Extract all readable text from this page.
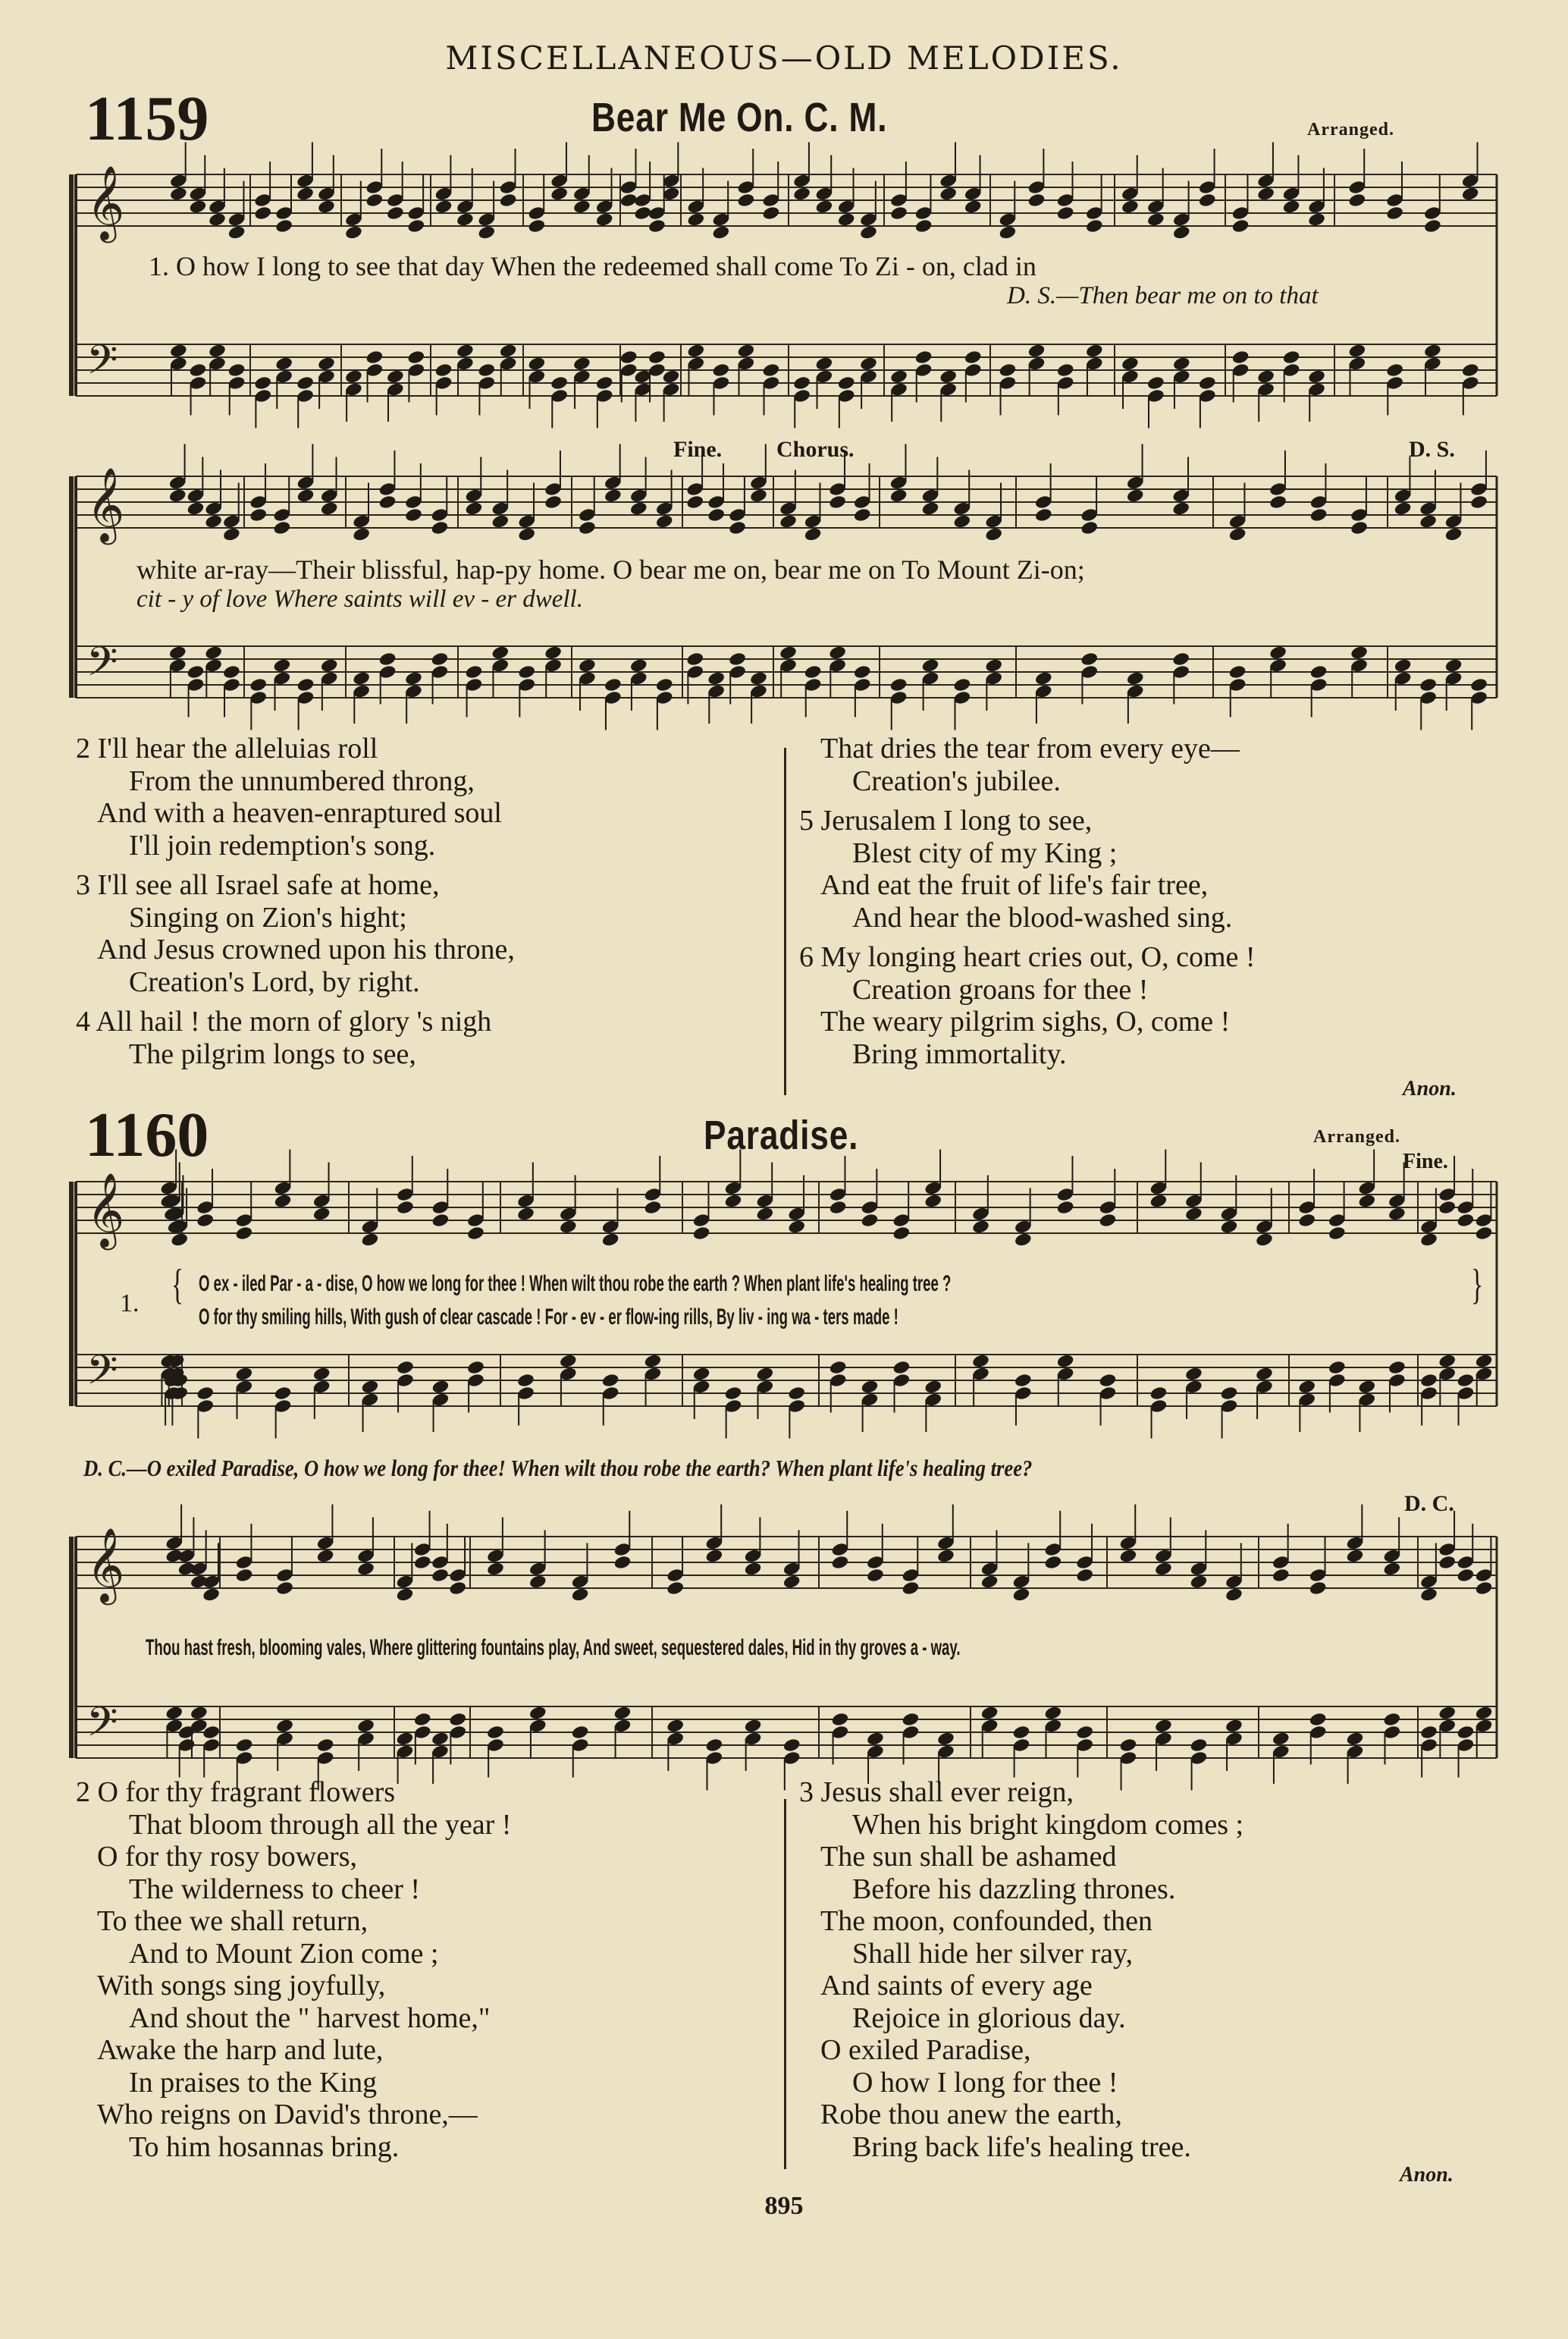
𝄞
𝄢
𝄞
𝄢
𝄞
𝄢
𝄞
𝄢
MISCELLANEOUS—OLD MELODIES.
1159	Bear Me On. C. M.	Arranged.
1. O how I long to see that day When the redeemed shall come To Zi - on, clad in
D. S.—Then bear me on to that
Fine. Chorus.	D. S.
white ar-ray—Their blissful, hap-py home. O bear me on, bear me on To Mount Zi-on;
cit - y of love Where saints will ev - er dwell.
2 I'll hear the alleluias roll
From the unnumbered throng,
And with a heaven-enraptured soul
I'll join redemption's song.
3 I'll see all Israel safe at home,
Singing on Zion's hight;
And Jesus crowned upon his throne,
Creation's Lord, by right.
4 All hail ! the morn of glory 's nigh
The pilgrim longs to see,
That dries the tear from every eye—
Creation's jubilee.
5 Jerusalem I long to see,
Blest city of my King ;
And eat the fruit of life's fair tree,
And hear the blood-washed sing.
6 My longing heart cries out, O, come !
Creation groans for thee !
The weary pilgrim sighs, O, come !
Bring immortality.
Anon.
1160	Paradise.	Arranged.
Fine.
1. { O ex - iled Par - a - dise, O how we long for thee ! When wilt thou robe the earth ? When plant life's healing tree ?
O for thy smiling hills, With gush of clear cascade ! For - ev - er flow-ing rills, By liv - ing wa - ters made !
}
D. C.—O exiled Paradise, O how we long for thee! When wilt thou robe the earth? When plant life's healing tree?
D. C.
Thou hast fresh, blooming vales, Where glittering fountains play, And sweet, sequestered dales, Hid in thy groves a - way.
2 O for thy fragrant flowers
That bloom through all the year !
O for thy rosy bowers,
The wilderness to cheer !
To thee we shall return,
And to Mount Zion come ;
With songs sing joyfully,
And shout the " harvest home,"
Awake the harp and lute,
In praises to the King
Who reigns on David's throne,—
To him hosannas bring.
3 Jesus shall ever reign,
When his bright kingdom comes ;
The sun shall be ashamed
Before his dazzling thrones.
The moon, confounded, then
Shall hide her silver ray,
And saints of every age
Rejoice in glorious day.
O exiled Paradise,
O how I long for thee !
Robe thou anew the earth,
Bring back life's healing tree.
Anon.
895
